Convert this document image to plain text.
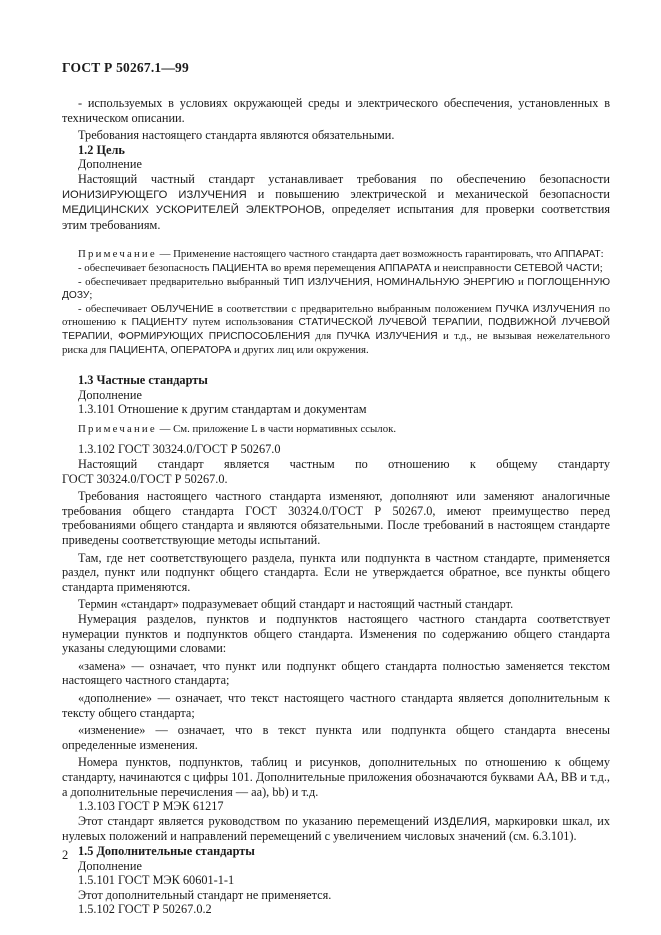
ГОСТ Р 50267.1—99

- используемых в условиях окружающей среды и электрического обеспечения, установленных в техническом описании.

Требования настоящего стандарта являются обязательными.

1.2 Цель

Дополнение

Настоящий частный стандарт устанавливает требования по обеспечению безопасности ИОНИЗИРУЮЩЕГО ИЗЛУЧЕНИЯ и повышению электрической и механической безопасности МЕДИЦИНСКИХ УСКОРИТЕЛЕЙ ЭЛЕКТРОНОВ, определяет испытания для проверки соответствия этим требованиям.

Примечание — Применение настоящего частного стандарта дает возможность гарантировать, что АППАРАТ:

- обеспечивает безопасность ПАЦИЕНТА во время перемещения АППАРАТА и неисправности СЕТЕВОЙ ЧАСТИ;

- обеспечивает предварительно выбранный ТИП ИЗЛУЧЕНИЯ, НОМИНАЛЬНУЮ ЭНЕРГИЮ и ПОГЛОЩЕННУЮ ДОЗУ;

- обеспечивает ОБЛУЧЕНИЕ в соответствии с предварительно выбранным положением ПУЧКА ИЗЛУЧЕНИЯ по отношению к ПАЦИЕНТУ путем использования СТАТИЧЕСКОЙ ЛУЧЕВОЙ ТЕРАПИИ, ПОДВИЖНОЙ ЛУЧЕВОЙ ТЕРАПИИ, ФОРМИРУЮЩИХ ПРИСПОСОБЛЕНИЯ для ПУЧКА ИЗЛУЧЕНИЯ и т.д., не вызывая нежелательного риска для ПАЦИЕНТА, ОПЕРАТОРА и других лиц или окружения.

1.3 Частные стандарты

Дополнение

1.3.101 Отношение к другим стандартам и документам

Примечание — См. приложение L в части нормативных ссылок.

1.3.102 ГОСТ 30324.0/ГОСТ Р 50267.0

Настоящий стандарт является частным по отношению к общему стандарту

ГОСТ 30324.0/ГОСТ Р 50267.0.

Требования настоящего частного стандарта изменяют, дополняют или заменяют аналогичные требования общего стандарта ГОСТ 30324.0/ГОСТ Р 50267.0, имеют преимущество перед требованиями общего стандарта и являются обязательными. После требований в настоящем стандарте приведены соответствующие методы испытаний.

Там, где нет соответствующего раздела, пункта или подпункта в частном стандарте, применяется раздел, пункт или подпункт общего стандарта. Если не утверждается обратное, все пункты общего стандарта применяются.

Термин «стандарт» подразумевает общий стандарт и настоящий частный стандарт.

Нумерация разделов, пунктов и подпунктов настоящего частного стандарта соответствует нумерации пунктов и подпунктов общего стандарта. Изменения по содержанию общего стандарта указаны следующими словами:

«замена» — означает, что пункт или подпункт общего стандарта полностью заменяется текстом настоящего частного стандарта;

«дополнение» — означает, что текст настоящего частного стандарта является дополнительным к тексту общего стандарта;

«изменение» — означает, что в текст пункта или подпункта общего стандарта внесены определенные изменения.

Номера пунктов, подпунктов, таблиц и рисунков, дополнительных по отношению к общему стандарту, начинаются с цифры 101. Дополнительные приложения обозначаются буквами АА, ВВ и т.д., а дополнительные перечисления — аа), bb) и т.д.

1.3.103 ГОСТ Р МЭК 61217

Этот стандарт является руководством по указанию перемещений ИЗДЕЛИЯ, маркировки шкал, их нулевых положений и направлений перемещений с увеличением числовых значений (см. 6.3.101).

1.5 Дополнительные стандарты

Дополнение

1.5.101 ГОСТ МЭК 60601-1-1

Этот дополнительный стандарт не применяется.

1.5.102 ГОСТ Р 50267.0.2

2
